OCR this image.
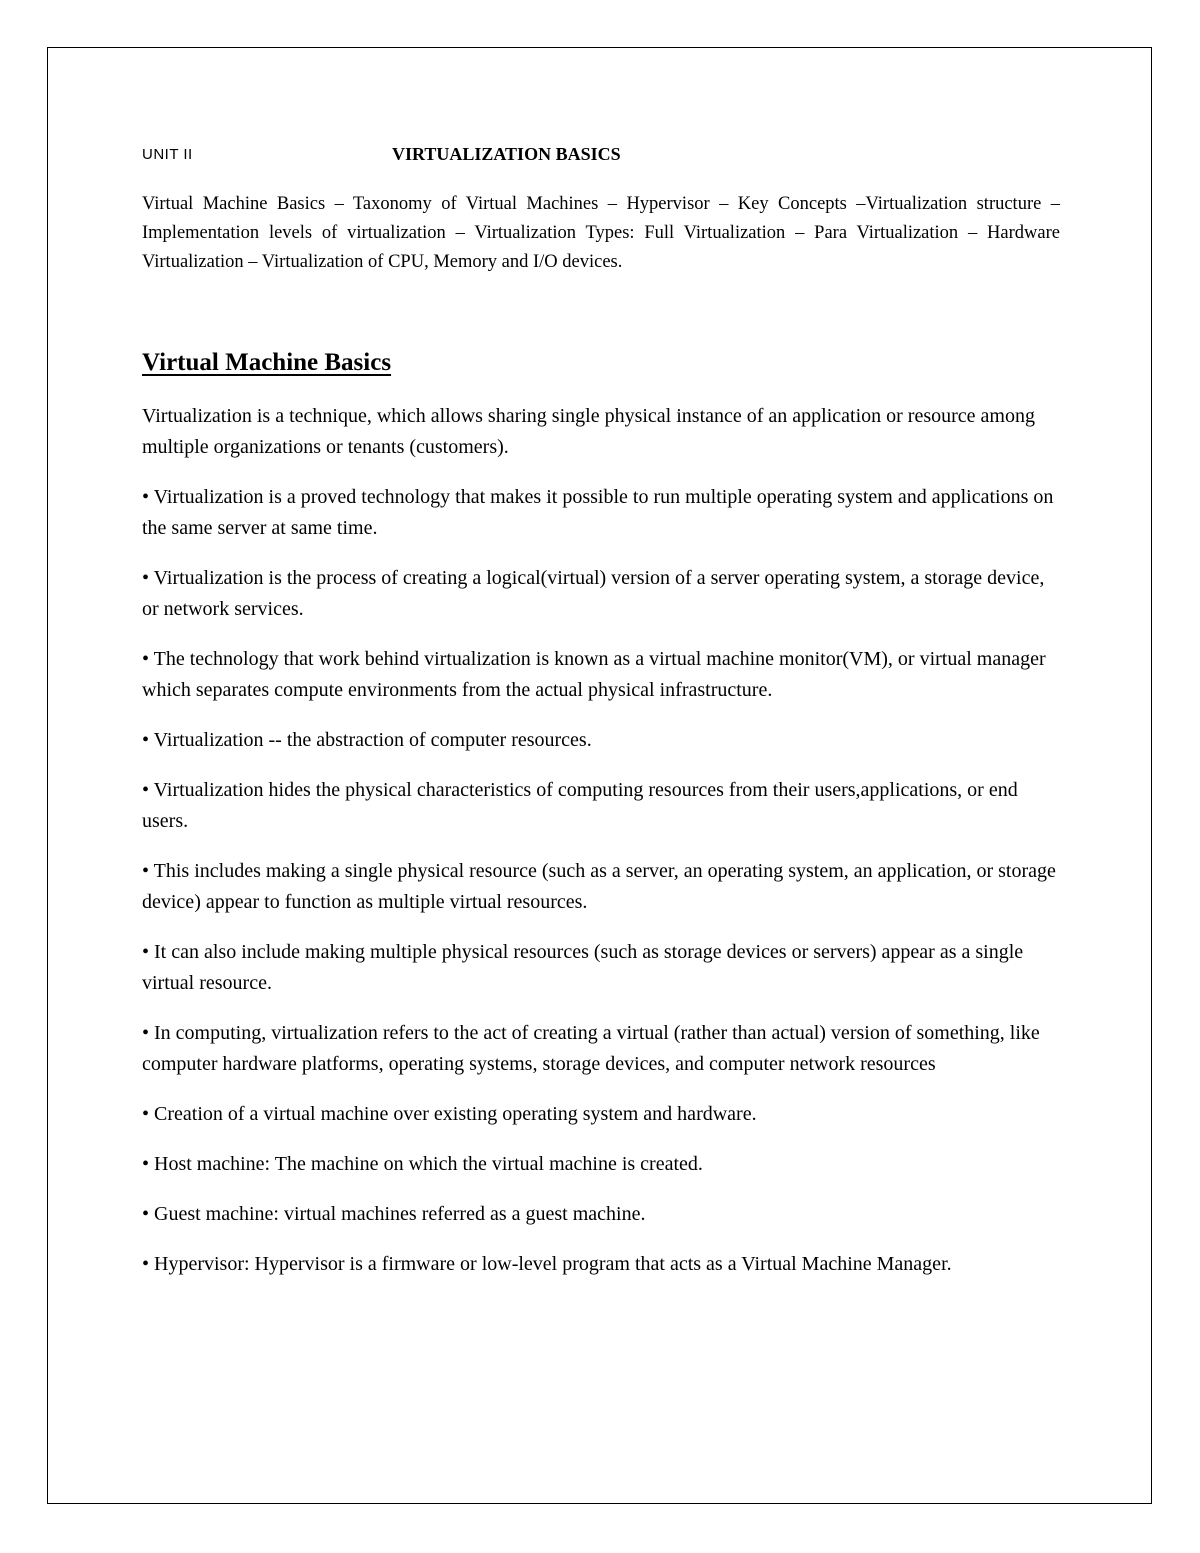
UNIT II	VIRTUALIZATION BASICS

Virtual Machine Basics – Taxonomy of Virtual Machines – Hypervisor – Key Concepts –Virtualization structure – Implementation levels of virtualization – Virtualization Types: Full Virtualization – Para Virtualization – Hardware Virtualization – Virtualization of CPU, Memory and I/O devices.

Virtual Machine Basics

Virtualization is a technique, which allows sharing single physical instance of an application or resource among multiple organizations or tenants (customers).

• Virtualization is a proved technology that makes it possible to run multiple operating system and applications on the same server at same time.
• Virtualization is the process of creating a logical(virtual) version of a server operating system, a storage device, or network services.
• The technology that work behind virtualization is known as a virtual machine monitor(VM), or virtual manager which separates compute environments from the actual physical infrastructure.
• Virtualization -- the abstraction of computer resources.
• Virtualization hides the physical characteristics of computing resources from their users,applications, or end users.
• This includes making a single physical resource (such as a server, an operating system, an application, or storage device) appear to function as multiple virtual resources.
• It can also include making multiple physical resources (such as storage devices or servers) appear as a single virtual resource.
• In computing, virtualization refers to the act of creating a virtual (rather than actual) version of something, like computer hardware platforms, operating systems, storage devices, and computer network resources
• Creation of a virtual machine over existing operating system and hardware.
• Host machine: The machine on which the virtual machine is created.
• Guest machine: virtual machines referred as a guest machine.
• Hypervisor: Hypervisor is a firmware or low-level program that acts as a Virtual Machine Manager.
